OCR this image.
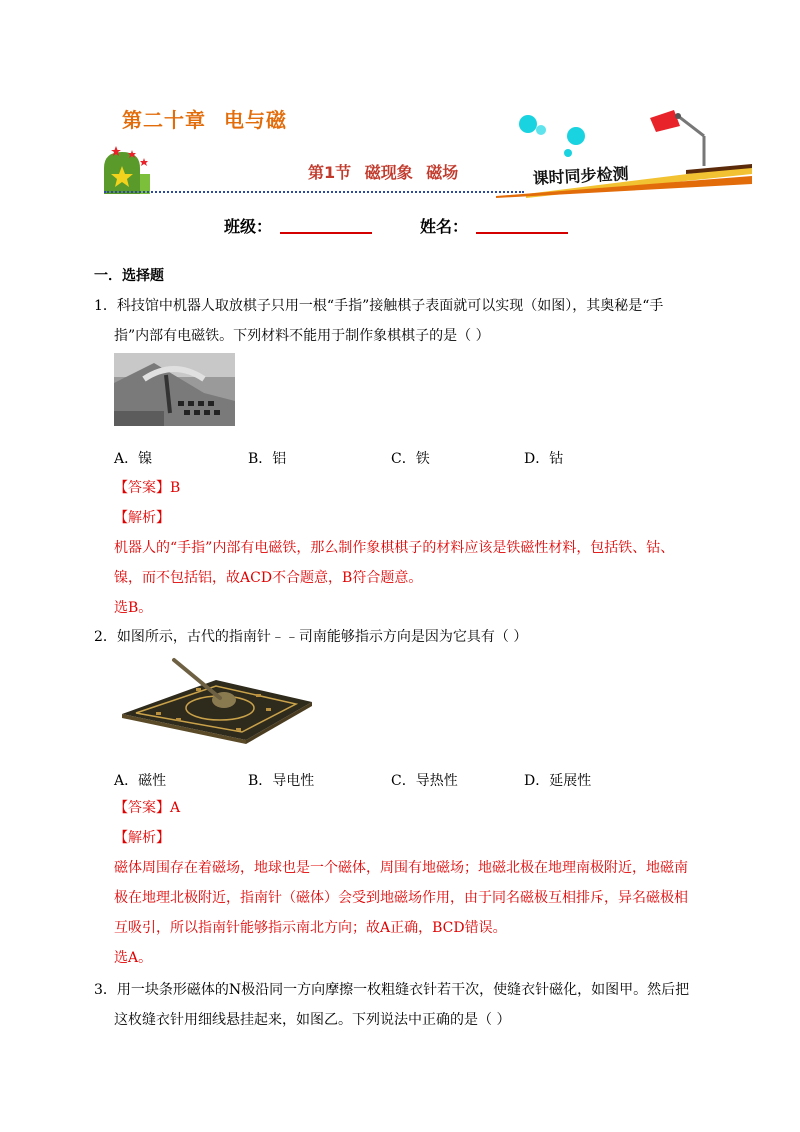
第二十章 电与磁
第1节 磁现象 磁场	课时同步检测
班级：	姓名：
一．选择题
1．科技馆中机器人取放棋子只用一根“手指”接触棋子表面就可以实现（如图），其奥秘是“手
指”内部有电磁铁。下列材料不能用于制作象棋棋子的是（ ）
A．镍	B．铝	C．铁	D．钴
【答案】B
【解析】
机器人的“手指”内部有电磁铁，那么制作象棋棋子的材料应该是铁磁性材料，包括铁、钴、
镍，而不包括铝，故ACD不合题意，B符合题意。
选B。
2．如图所示，古代的指南针﹣﹣司南能够指示方向是因为它具有（ ）
A．磁性	B．导电性	C．导热性	D．延展性
【答案】A
【解析】
磁体周围存在着磁场，地球也是一个磁体，周围有地磁场；地磁北极在地理南极附近，地磁南
极在地理北极附近，指南针（磁体）会受到地磁场作用，由于同名磁极互相排斥，异名磁极相
互吸引，所以指南针能够指示南北方向；故A正确，BCD错误。
选A。
3．用一块条形磁体的N极沿同一方向摩擦一枚粗缝衣针若干次，使缝衣针磁化，如图甲。然后把
这枚缝衣针用细线悬挂起来，如图乙。下列说法中正确的是（ ）
